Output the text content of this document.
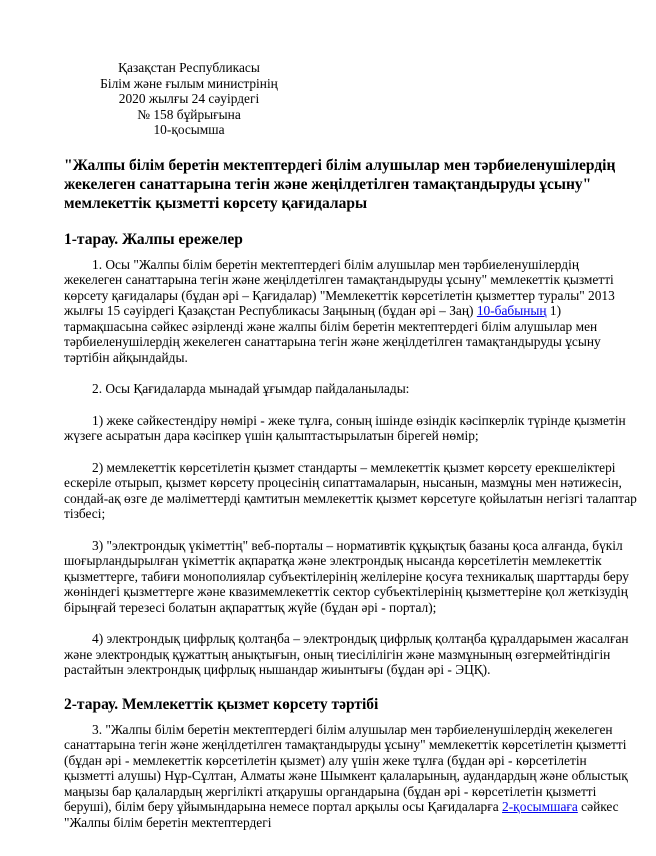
Қазақстан Республикасы
Білім және ғылым министрінің
2020 жылғы 24 сәуірдегі
№ 158 бұйрығына
10-қосымша
"Жалпы білім беретін мектептердегі білім алушылар мен тәрбиеленушілердің жекелеген санаттарына тегін және жеңілдетілген тамақтандыруды ұсыну" мемлекеттік қызметті көрсету қағидалары
1-тарау. Жалпы ережелер

1. Осы "Жалпы білім беретін мектептердегі білім алушылар мен тәрбиеленушілердің жекелеген санаттарына тегін және жеңілдетілген тамақтандыруды ұсыну" мемлекеттік қызметті көрсету қағидалары (бұдан әрі – Қағидалар) "Мемлекеттік көрсетілетін қызметтер туралы" 2013 жылғы 15 сәуірдегі Қазақстан Республикасы Заңының (бұдан әрі – Заң) 10-бабының 1) тармақшасына сәйкес әзірленді және жалпы білім беретін мектептердегі білім алушылар мен тәрбиеленушілердің жекелеген санаттарына тегін және жеңілдетілген тамақтандыруды ұсыну тәртібін айқындайды.

2. Осы Қағидаларда мынадай ұғымдар пайдаланылады:

1) жеке сәйкестендіру нөмірі - жеке тұлға, соның ішінде өзіндік кәсіпкерлік түрінде қызметін жүзеге асыратын дара кәсіпкер үшін қалыптастырылатын бірегей нөмір;

2) мемлекеттік көрсетілетін қызмет стандарты – мемлекеттік қызмет көрсету ерекшеліктері ескеріле отырып, қызмет көрсету процесінің сипаттамаларын, нысанын, мазмұны мен нәтижесін, сондай-ақ өзге де мәліметтерді қамтитын мемлекеттік қызмет көрсетуге қойылатын негізгі талаптар тізбесі;

3) "электрондық үкіметтің" веб-порталы – нормативтік құқықтық базаны қоса алғанда, бүкіл шоғырландырылған үкіметтік ақпаратқа және электрондық нысанда көрсетілетін мемлекеттік қызметтерге, табиғи монополиялар субъектілерінің желілеріне қосуға техникалық шарттарды беру жөніндегі қызметтерге және квазимемлекеттік сектор субъектілерінің қызметтеріне қол жеткізудің бірыңғай терезесі болатын ақпараттық жүйе (бұдан әрі - портал);

4) электрондық цифрлық қолтаңба – электрондық цифрлық қолтаңба құралдарымен жасалған және электрондық құжаттың анықтығын, оның тиесілілігін және мазмұнының өзгермейтіндігін растайтын электрондық цифрлық нышандар жиынтығы (бұдан әрі - ЭЦҚ).

2-тарау. Мемлекеттік қызмет көрсету тәртібі

3. "Жалпы білім беретін мектептердегі білім алушылар мен тәрбиеленушілердің жекелеген санаттарына тегін және жеңілдетілген тамақтандыруды ұсыну" мемлекеттік көрсетілетін қызметті (бұдан әрі - мемлекеттік көрсетілетін қызмет) алу үшін жеке тұлға (бұдан әрі - көрсетілетін қызметті алушы) Нұр-Сұлтан, Алматы және Шымкент қалаларының, аудандардың және облыстық маңызы бар қалалардың жергілікті атқарушы органдарына (бұдан әрі - көрсетілетін қызметті беруші), білім беру ұйымындарына немесе портал арқылы осы Қағидаларға 2-қосымшаға сәйкес "Жалпы білім беретін мектептердегі
